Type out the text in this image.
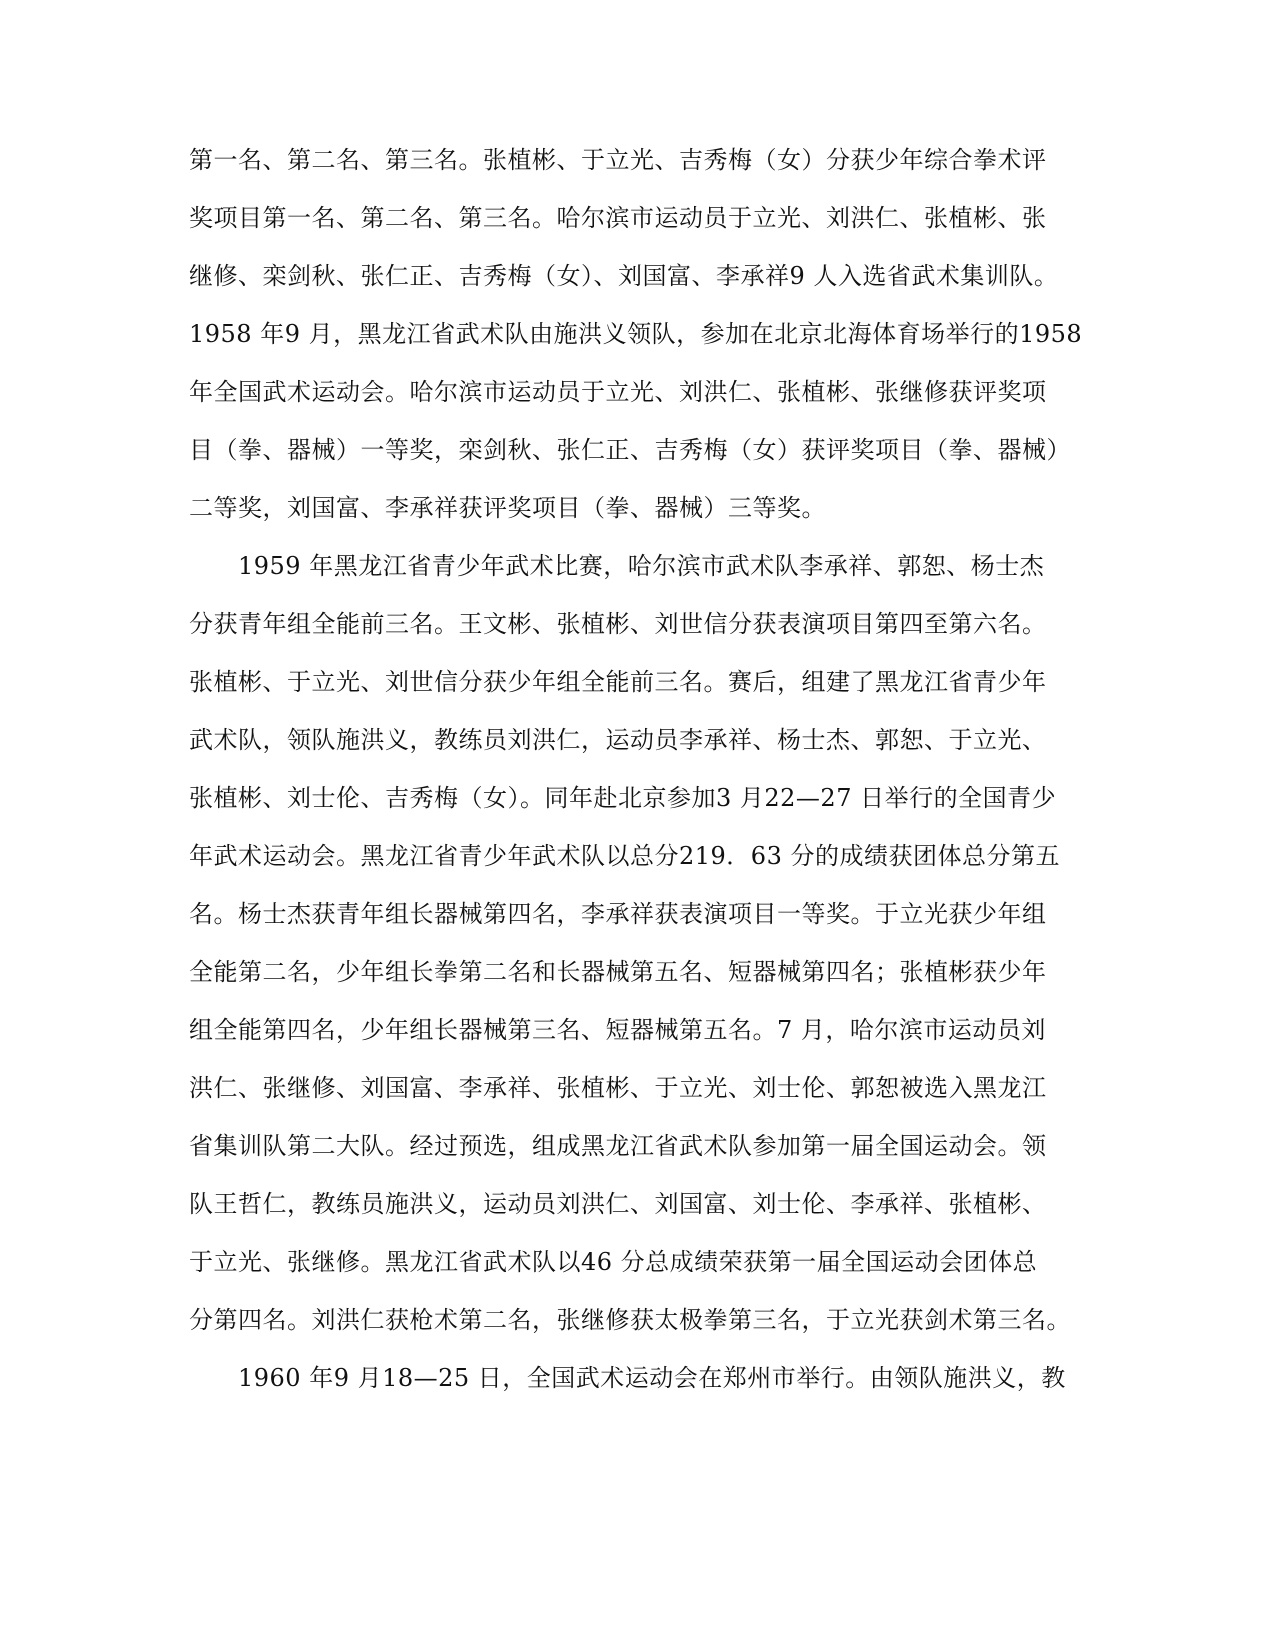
第一名、第二名、第三名。张植彬、于立光、吉秀梅（女）分获少年综合拳术评
奖项目第一名、第二名、第三名。哈尔滨市运动员于立光、刘洪仁、张植彬、张
继修、栾剑秋、张仁正、吉秀梅（女）、刘国富、李承祥9 人入选省武术集训队。
1958 年9 月，黑龙江省武术队由施洪义领队，参加在北京北海体育场举行的1958
年全国武术运动会。哈尔滨市运动员于立光、刘洪仁、张植彬、张继修获评奖项
目（拳、器械）一等奖，栾剑秋、张仁正、吉秀梅（女）获评奖项目（拳、器械）
二等奖，刘国富、李承祥获评奖项目（拳、器械）三等奖。
1959 年黑龙江省青少年武术比赛，哈尔滨市武术队李承祥、郭恕、杨士杰
分获青年组全能前三名。王文彬、张植彬、刘世信分获表演项目第四至第六名。
张植彬、于立光、刘世信分获少年组全能前三名。赛后，组建了黑龙江省青少年
武术队，领队施洪义，教练员刘洪仁，运动员李承祥、杨士杰、郭恕、于立光、
张植彬、刘士伦、吉秀梅（女）。同年赴北京参加3 月22—27 日举行的全国青少
年武术运动会。黑龙江省青少年武术队以总分219．63 分的成绩获团体总分第五
名。杨士杰获青年组长器械第四名，李承祥获表演项目一等奖。于立光获少年组
全能第二名，少年组长拳第二名和长器械第五名、短器械第四名；张植彬获少年
组全能第四名，少年组长器械第三名、短器械第五名。7 月，哈尔滨市运动员刘
洪仁、张继修、刘国富、李承祥、张植彬、于立光、刘士伦、郭恕被选入黑龙江
省集训队第二大队。经过预选，组成黑龙江省武术队参加第一届全国运动会。领
队王哲仁，教练员施洪义，运动员刘洪仁、刘国富、刘士伦、李承祥、张植彬、
于立光、张继修。黑龙江省武术队以46 分总成绩荣获第一届全国运动会团体总
分第四名。刘洪仁获枪术第二名，张继修获太极拳第三名，于立光获剑术第三名。
1960 年9 月18—25 日，全国武术运动会在郑州市举行。由领队施洪义，教
